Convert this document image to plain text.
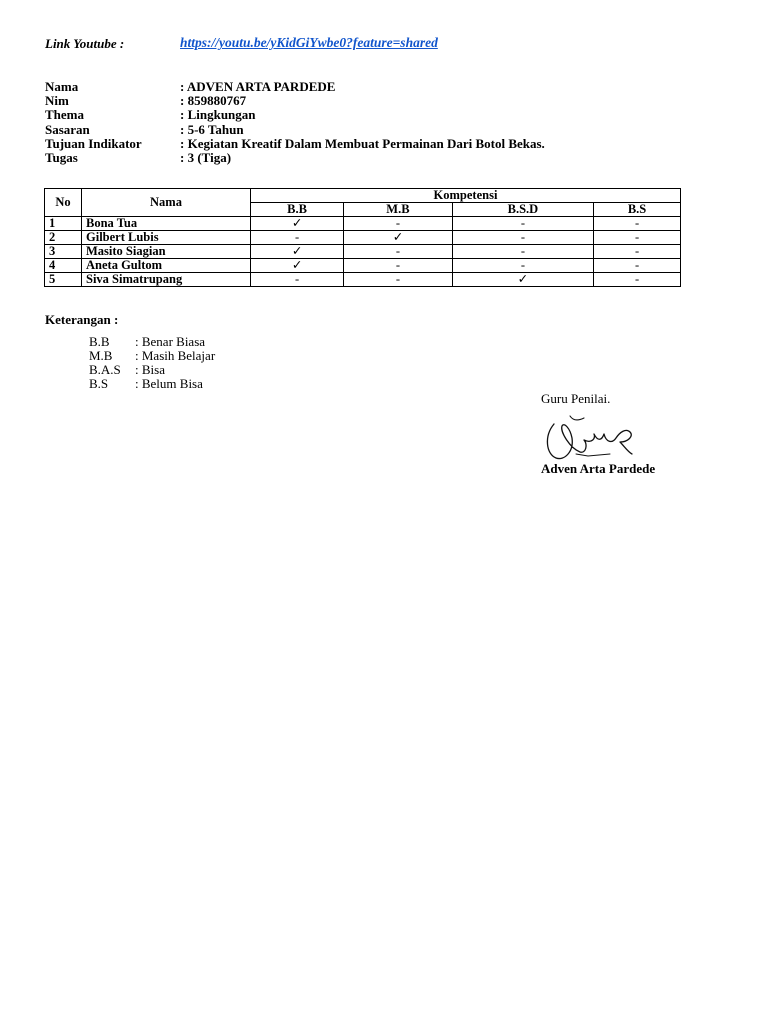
Link Youtube :	https://youtu.be/yKidGiYwbe0?feature=shared
Nama	: ADVEN ARTA PARDEDE
Nim	: 859880767
Thema	: Lingkungan
Sasaran	: 5-6 Tahun
Tujuan Indikator	: Kegiatan Kreatif Dalam Membuat Permainan Dari Botol Bekas.
Tugas	: 3 (Tiga)
No	Nama	Kompetensi			
		B.B	M.B	B.S.D	B.S
1	Bona Tua	✓	-	-	-
2	Gilbert Lubis	-	✓	-	-
3	Masito Siagian	✓	-	-	-
4	Aneta Gultom	✓	-	-	-
5	Siva Simatrupang	-	-	✓	-
Keterangan :
B.B	: Benar Biasa
M.B	: Masih Belajar
B.A.S	: Bisa
B.S	: Belum Bisa
Guru Penilai.
Adven Arta Pardede
